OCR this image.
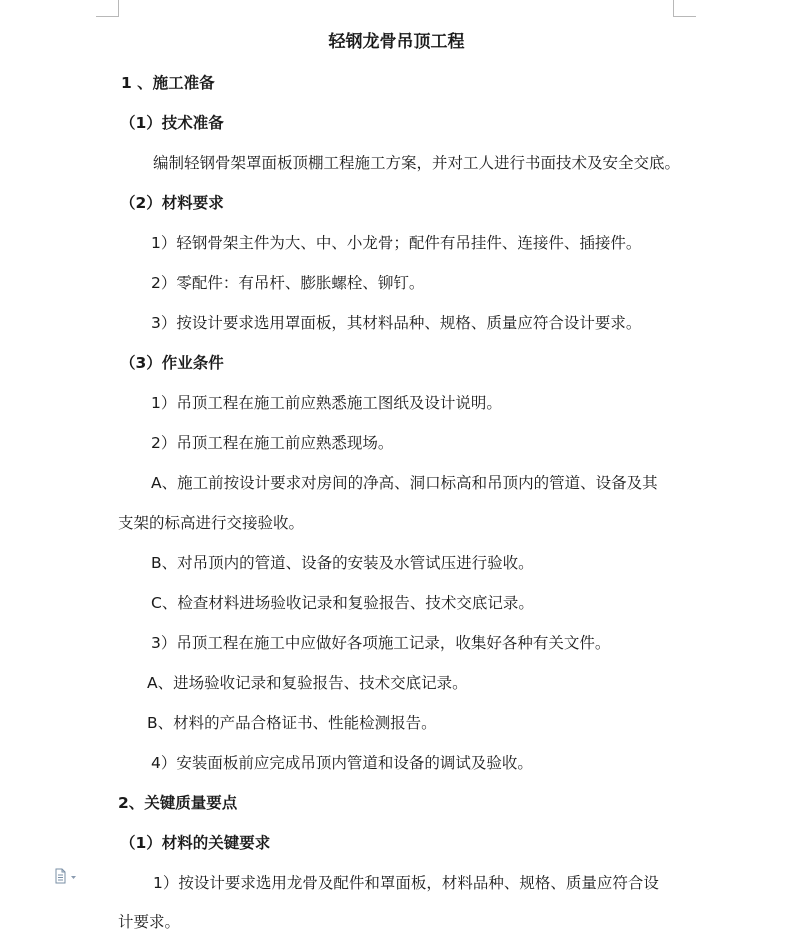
轻钢龙骨吊顶工程
1 、施工准备
（1）技术准备
编制轻钢骨架罩面板顶棚工程施工方案，并对工人进行书面技术及安全交底。
（2）材料要求
1）轻钢骨架主件为大、中、小龙骨；配件有吊挂件、连接件、插接件。
2）零配件：有吊杆、膨胀螺栓、铆钉。
3）按设计要求选用罩面板，其材料品种、规格、质量应符合设计要求。
（3）作业条件
1）吊顶工程在施工前应熟悉施工图纸及设计说明。
2）吊顶工程在施工前应熟悉现场。
A、施工前按设计要求对房间的净高、洞口标高和吊顶内的管道、设备及其
支架的标高进行交接验收。
B、对吊顶内的管道、设备的安装及水管试压进行验收。
C、检查材料进场验收记录和复验报告、技术交底记录。
3）吊顶工程在施工中应做好各项施工记录，收集好各种有关文件。
A、进场验收记录和复验报告、技术交底记录。
B、材料的产品合格证书、性能检测报告。
4）安装面板前应完成吊顶内管道和设备的调试及验收。
2、关键质量要点
（1）材料的关键要求
1）按设计要求选用龙骨及配件和罩面板，材料品种、规格、质量应符合设
计要求。
